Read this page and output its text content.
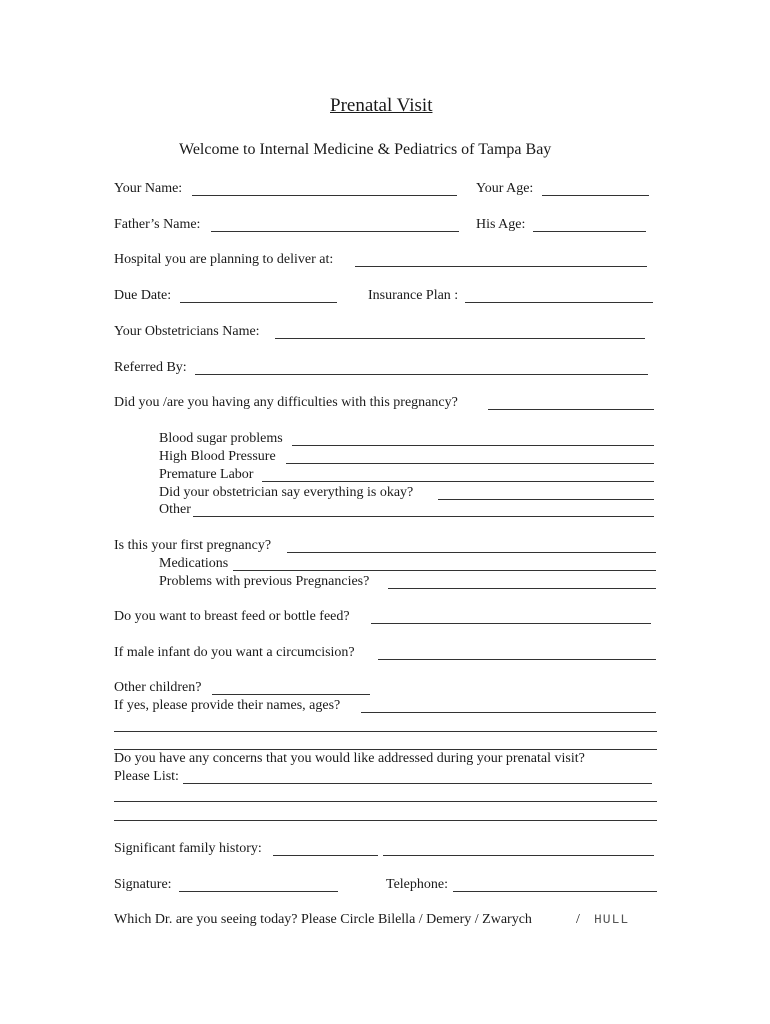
Prenatal Visit
Welcome to Internal Medicine & Pediatrics of Tampa Bay
Your Name:	Your Age:
Father’s Name:	His Age:
Hospital you are planning to deliver at:
Due Date:	Insurance Plan :
Your Obstetricians Name:
Referred By:
Did you /are you having any difficulties with this pregnancy?
Blood sugar problems
High Blood Pressure
Premature Labor
Did your obstetrician say everything is okay?
Other
Is this your first pregnancy?
Medications
Problems with previous Pregnancies?
Do you want to breast feed or bottle feed?
If male infant do you want a circumcision?
Other children?
If yes, please provide their names, ages?
Do you have any concerns that you would like addressed during your prenatal visit?
Please List:
Significant family history:
Signature:	Telephone:
Which Dr. are you seeing today? Please Circle Bilella / Demery / Zwarych	/ HULL
